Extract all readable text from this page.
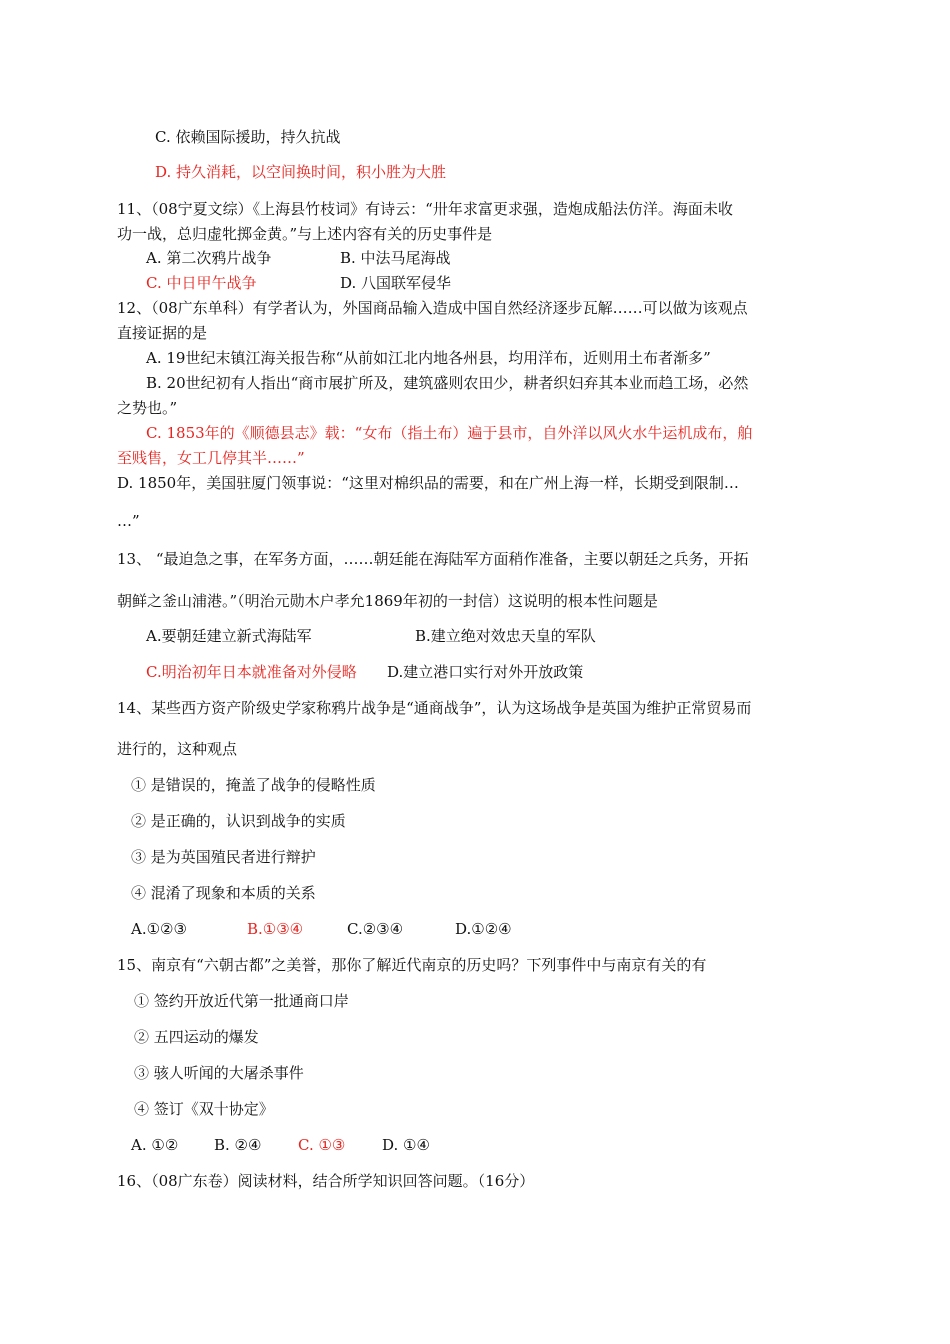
C. 依赖国际援助，持久抗战
D. 持久消耗，以空间换时间，积小胜为大胜
11、（08宁夏文综）《上海县竹枝词》有诗云：“卅年求富更求强，造炮成船法仿洋。海面未收
功一战，总归虚牝掷金黄。”与上述内容有关的历史事件是
A. 第二次鸦片战争	B. 中法马尾海战
C. 中日甲午战争	D. 八国联军侵华
12、（08广东单科）有学者认为，外国商品输入造成中国自然经济逐步瓦解……可以做为该观点
直接证据的是
A. 19世纪末镇江海关报告称“从前如江北内地各州县，均用洋布，近则用土布者渐多”
B. 20世纪初有人指出“商市展扩所及，建筑盛则农田少，耕者织妇弃其本业而趋工场，必然
之势也。”
C. 1853年的《顺德县志》载：“女布（指土布）遍于县市，自外洋以风火水牛运机成布，舶
至贱售，女工几停其半……”
D. 1850年，美国驻厦门领事说：“这里对棉织品的需要，和在广州上海一样，长期受到限制…
…”
13、 “最迫急之事，在军务方面，……朝廷能在海陆军方面稍作准备，主要以朝廷之兵务，开拓
朝鲜之釜山浦港。”（明治元勋木户孝允1869年初的一封信）这说明的根本性问题是
A.要朝廷建立新式海陆军	B.建立绝对效忠天皇的军队
C.明治初年日本就准备对外侵略 D.建立港口实行对外开放政策
14、某些西方资产阶级史学家称鸦片战争是“通商战争”，认为这场战争是英国为维护正常贸易而
进行的，这种观点
① 是错误的，掩盖了战争的侵略性质
② 是正确的，认识到战争的实质
③ 是为英国殖民者进行辩护
④ 混淆了现象和本质的关系
A.①②③	B.①③④	C.②③④	D.①②④
15、南京有“六朝古都”之美誉，那你了解近代南京的历史吗？下列事件中与南京有关的有
① 签约开放近代第一批通商口岸
② 五四运动的爆发
③ 骇人听闻的大屠杀事件
④ 签订《双十协定》
A. ①② B. ②④ C. ①③ D. ①④
16、（08广东卷）阅读材料，结合所学知识回答问题。（16分）
